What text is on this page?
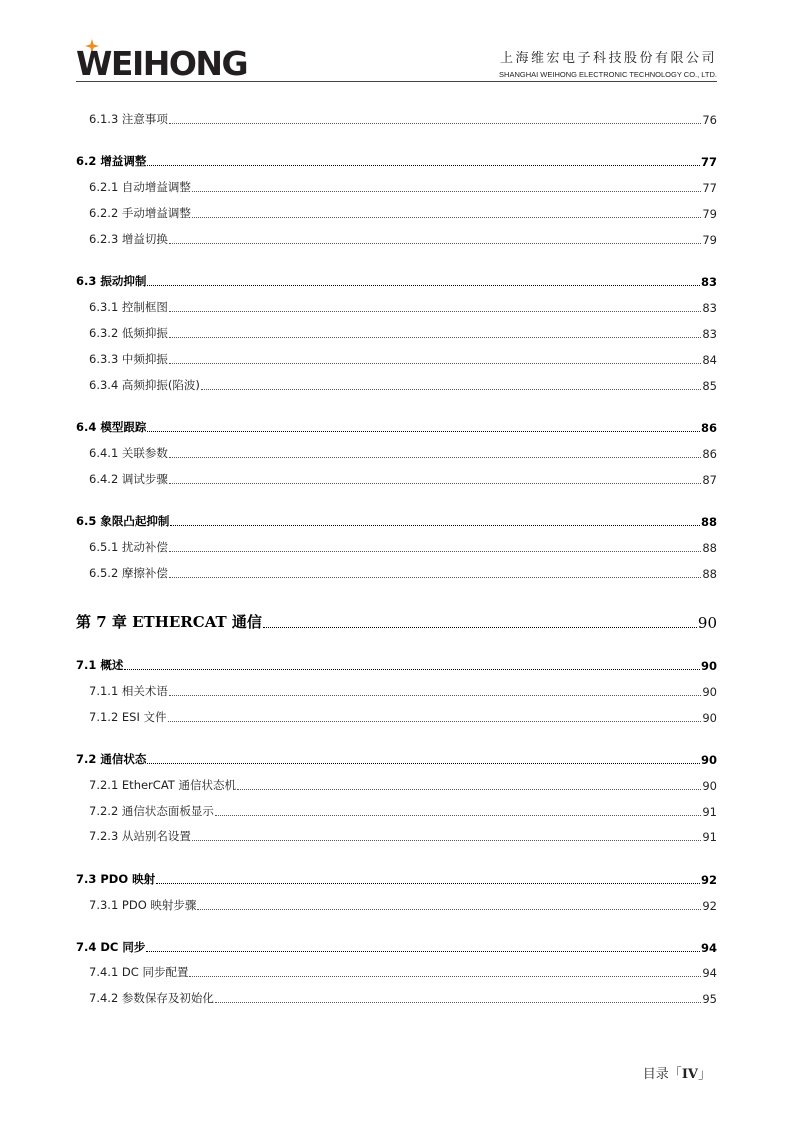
WEIHONG	上海维宏电子科技股份有限公司
SHANGHAI WEIHONG ELECTRONIC TECHNOLOGY CO., LTD.
6.1.3 注意事项	76
6.2 增益调整	77
6.2.1 自动增益调整	77
6.2.2 手动增益调整	79
6.2.3 增益切换	79
6.3 振动抑制	83
6.3.1 控制框图	83
6.3.2 低频抑振	83
6.3.3 中频抑振	84
6.3.4 高频抑振(陷波)	85
6.4 模型跟踪	86
6.4.1 关联参数	86
6.4.2 调试步骤	87
6.5 象限凸起抑制	88
6.5.1 扰动补偿	88
6.5.2 摩擦补偿	88
第 7 章 ETHERCAT 通信	90
7.1 概述	90
7.1.1 相关术语	90
7.1.2 ESI 文件	90
7.2 通信状态	90
7.2.1 EtherCAT 通信状态机	90
7.2.2 通信状态面板显示	91
7.2.3 从站别名设置	91
7.3 PDO 映射	92
7.3.1 PDO 映射步骤	92
7.4 DC 同步	94
7.4.1 DC 同步配置	94
7.4.2 参数保存及初始化	95
目录「IV」
